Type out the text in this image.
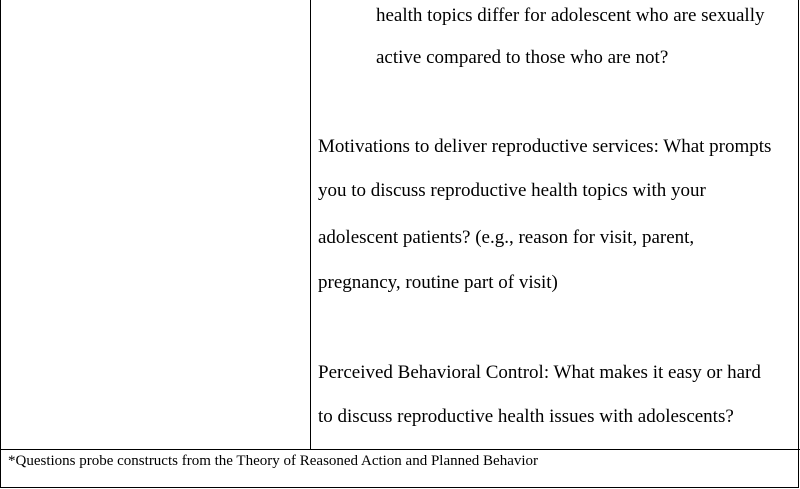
health topics differ for adolescent who are sexually
active compared to those who are not?
Motivations to deliver reproductive services: What prompts
you to discuss reproductive health topics with your
adolescent patients? (e.g., reason for visit, parent,
pregnancy, routine part of visit)
Perceived Behavioral Control: What makes it easy or hard
to discuss reproductive health issues with adolescents?
*Questions probe constructs from the Theory of Reasoned Action and Planned Behavior
